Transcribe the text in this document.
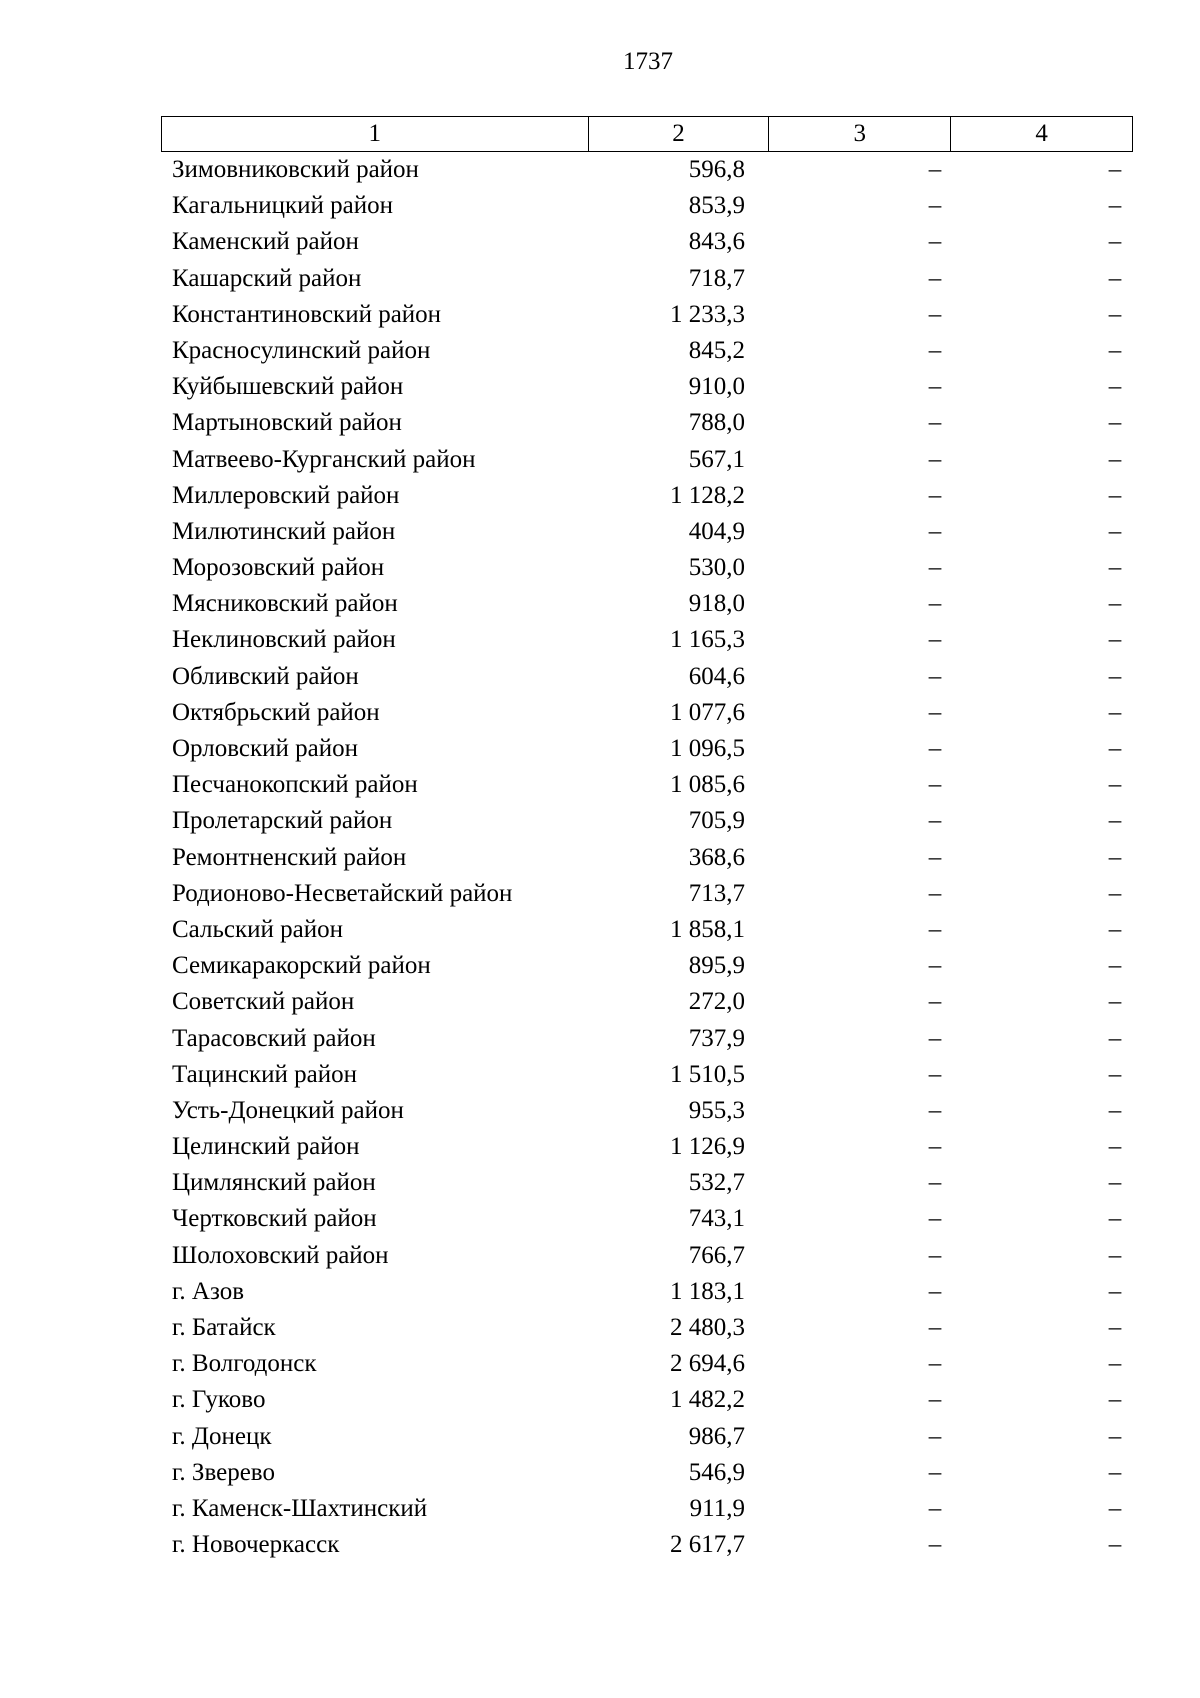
1737
1	2	3	4
Зимовниковский район	596,8	–	–
Кагальницкий район	853,9	–	–
Каменский район	843,6	–	–
Кашарский район	718,7	–	–
Константиновский район	1 233,3	–	–
Красносулинский район	845,2	–	–
Куйбышевский район	910,0	–	–
Мартыновский район	788,0	–	–
Матвеево-Курганский район	567,1	–	–
Миллеровский район	1 128,2	–	–
Милютинский район	404,9	–	–
Морозовский район	530,0	–	–
Мясниковский район	918,0	–	–
Неклиновский район	1 165,3	–	–
Обливский район	604,6	–	–
Октябрьский район	1 077,6	–	–
Орловский район	1 096,5	–	–
Песчанокопский район	1 085,6	–	–
Пролетарский район	705,9	–	–
Ремонтненский район	368,6	–	–
Родионово-Несветайский район	713,7	–	–
Сальский район	1 858,1	–	–
Семикаракорский район	895,9	–	–
Советский район	272,0	–	–
Тарасовский район	737,9	–	–
Тацинский район	1 510,5	–	–
Усть-Донецкий район	955,3	–	–
Целинский район	1 126,9	–	–
Цимлянский район	532,7	–	–
Чертковский район	743,1	–	–
Шолоховский район	766,7	–	–
г. Азов	1 183,1	–	–
г. Батайск	2 480,3	–	–
г. Волгодонск	2 694,6	–	–
г. Гуково	1 482,2	–	–
г. Донецк	986,7	–	–
г. Зверево	546,9	–	–
г. Каменск-Шахтинский	911,9	–	–
г. Новочеркасск	2 617,7	–	–
